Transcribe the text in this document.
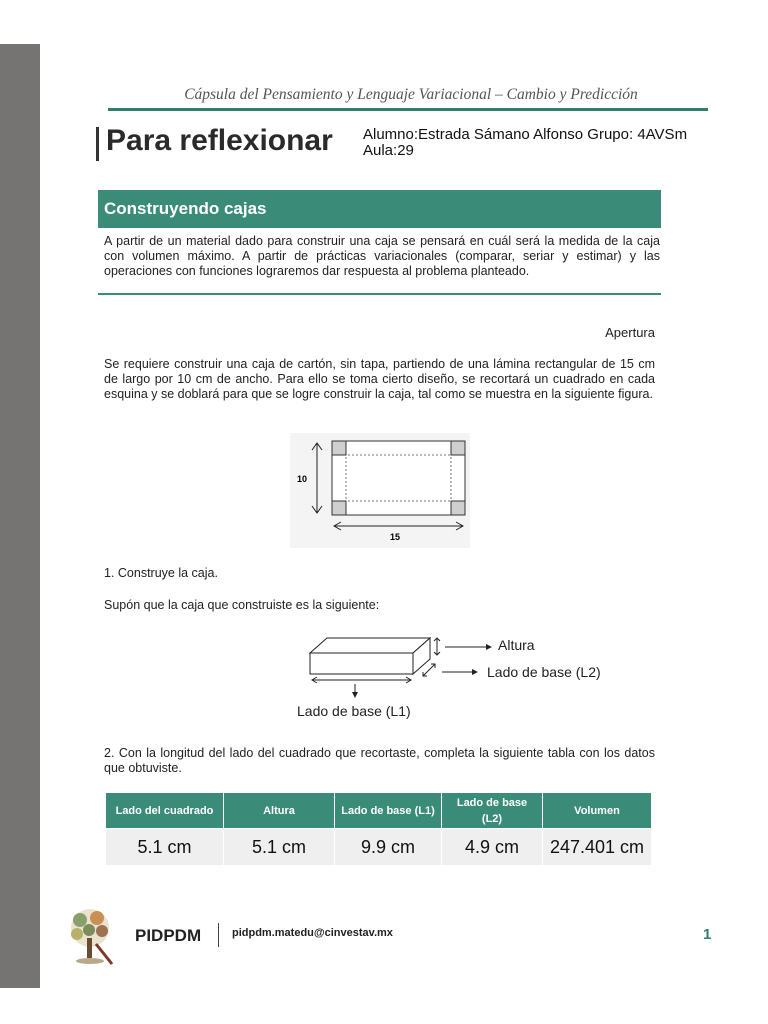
Cápsula del Pensamiento y Lenguaje Variacional – Cambio y Predicción
Para reflexionar Alumno:Estrada Sámano Alfonso Grupo: 4AVSm
Aula:29
Construyendo cajas
A partir de un material dado para construir una caja se pensará en cuál será la medida de la caja con volumen máximo. A partir de prácticas variacionales (comparar, seriar y estimar) y las operaciones con funciones lograremos dar respuesta al problema planteado.
Apertura
Se requiere construir una caja de cartón, sin tapa, partiendo de una lámina rectangular de 15 cm de largo por 10 cm de ancho. Para ello se toma cierto diseño, se recortará un cuadrado en cada esquina y se doblará para que se logre construir la caja, tal como se muestra en la siguiente figura.
10
15
1. Construye la caja.
Supón que la caja que construiste es la siguiente:
Altura
Lado de base (L2)
Lado de base (L1)
2. Con la longitud del lado del cuadrado que recortaste, completa la siguiente tabla con los datos que obtuviste.
Lado del cuadrado	Altura	Lado de base (L1)	Lado de base (L2)	Volumen
5.1 cm	5.1 cm	9.9 cm	4.9 cm	247.401 cm
PIDPDM	pidpdm.matedu@cinvestav.mx	1
